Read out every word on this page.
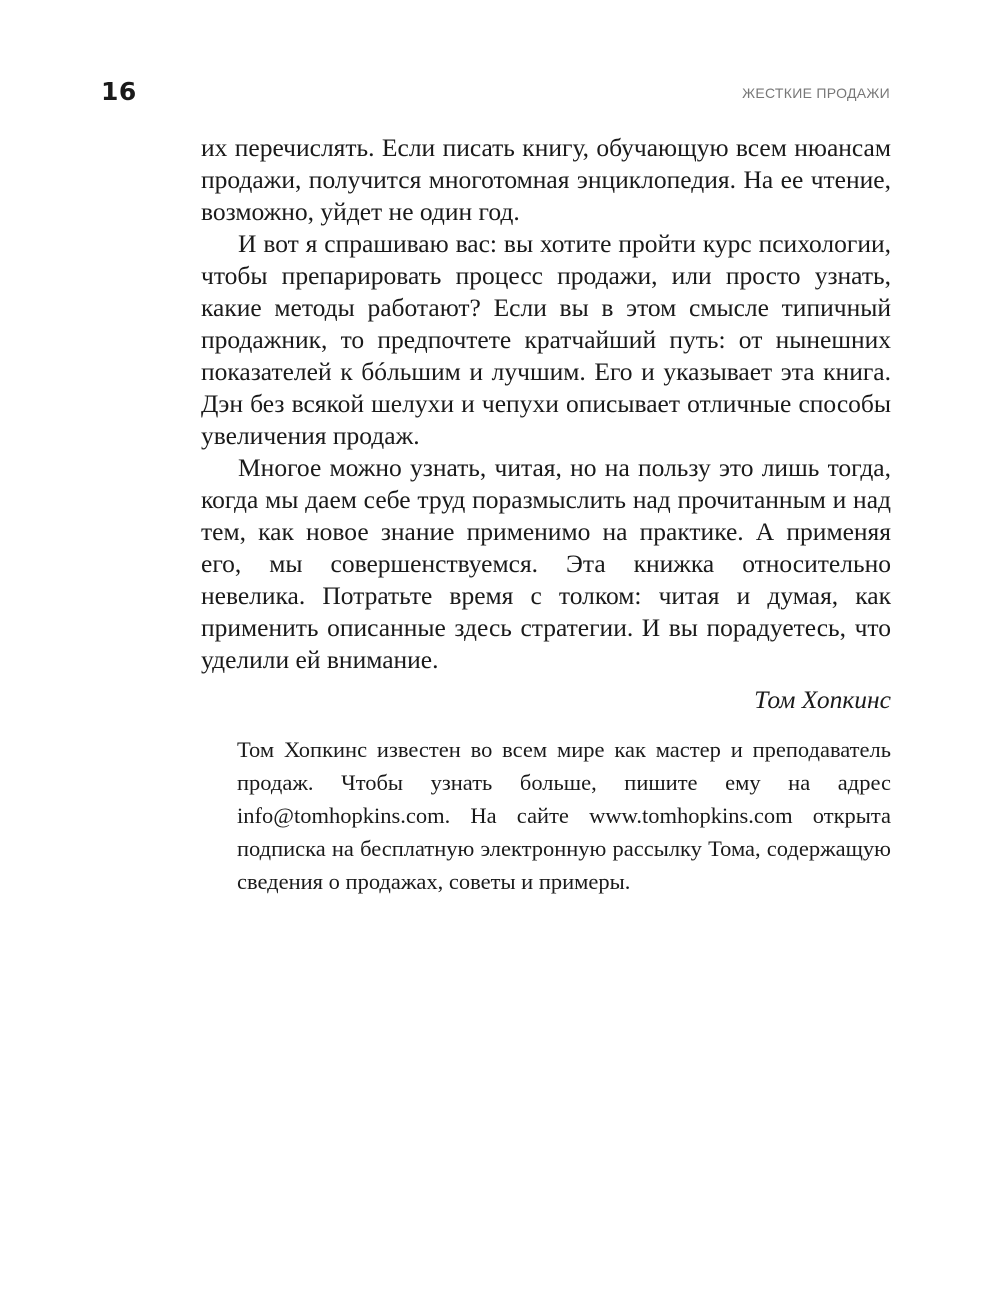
16	ЖЕСТКИЕ ПРОДАЖИ

их перечислять. Если писать книгу, обучающую всем нюансам продажи, получится многотомная энциклопедия. На ее чтение, возможно, уйдет не один год.

И вот я спрашиваю вас: вы хотите пройти курс психологии, чтобы препарировать процесс продажи, или просто узнать, какие методы работают? Если вы в этом смысле типичный продажник, то предпочтете кратчайший путь: от нынешних показателей к бóльшим и лучшим. Его и указывает эта книга. Дэн без всякой шелухи и чепухи описывает отличные способы увеличения продаж.

Многое можно узнать, читая, но на пользу это лишь тогда, когда мы даем себе труд поразмыслить над прочитанным и над тем, как новое знание применимо на практике. А применяя его, мы совершенствуемся. Эта книжка относительно невелика. Потратьте время с толком: читая и думая, как применить описанные здесь стратегии. И вы порадуетесь, что уделили ей внимание.

Том Хопкинс

Том Хопкинс известен во всем мире как мастер и преподаватель продаж. Чтобы узнать больше, пишите ему на адрес info@tomhopkins.com. На сайте www.tomhopkins.com открыта подписка на бесплатную электронную рассылку Тома, содержащую сведения о продажах, советы и примеры.
